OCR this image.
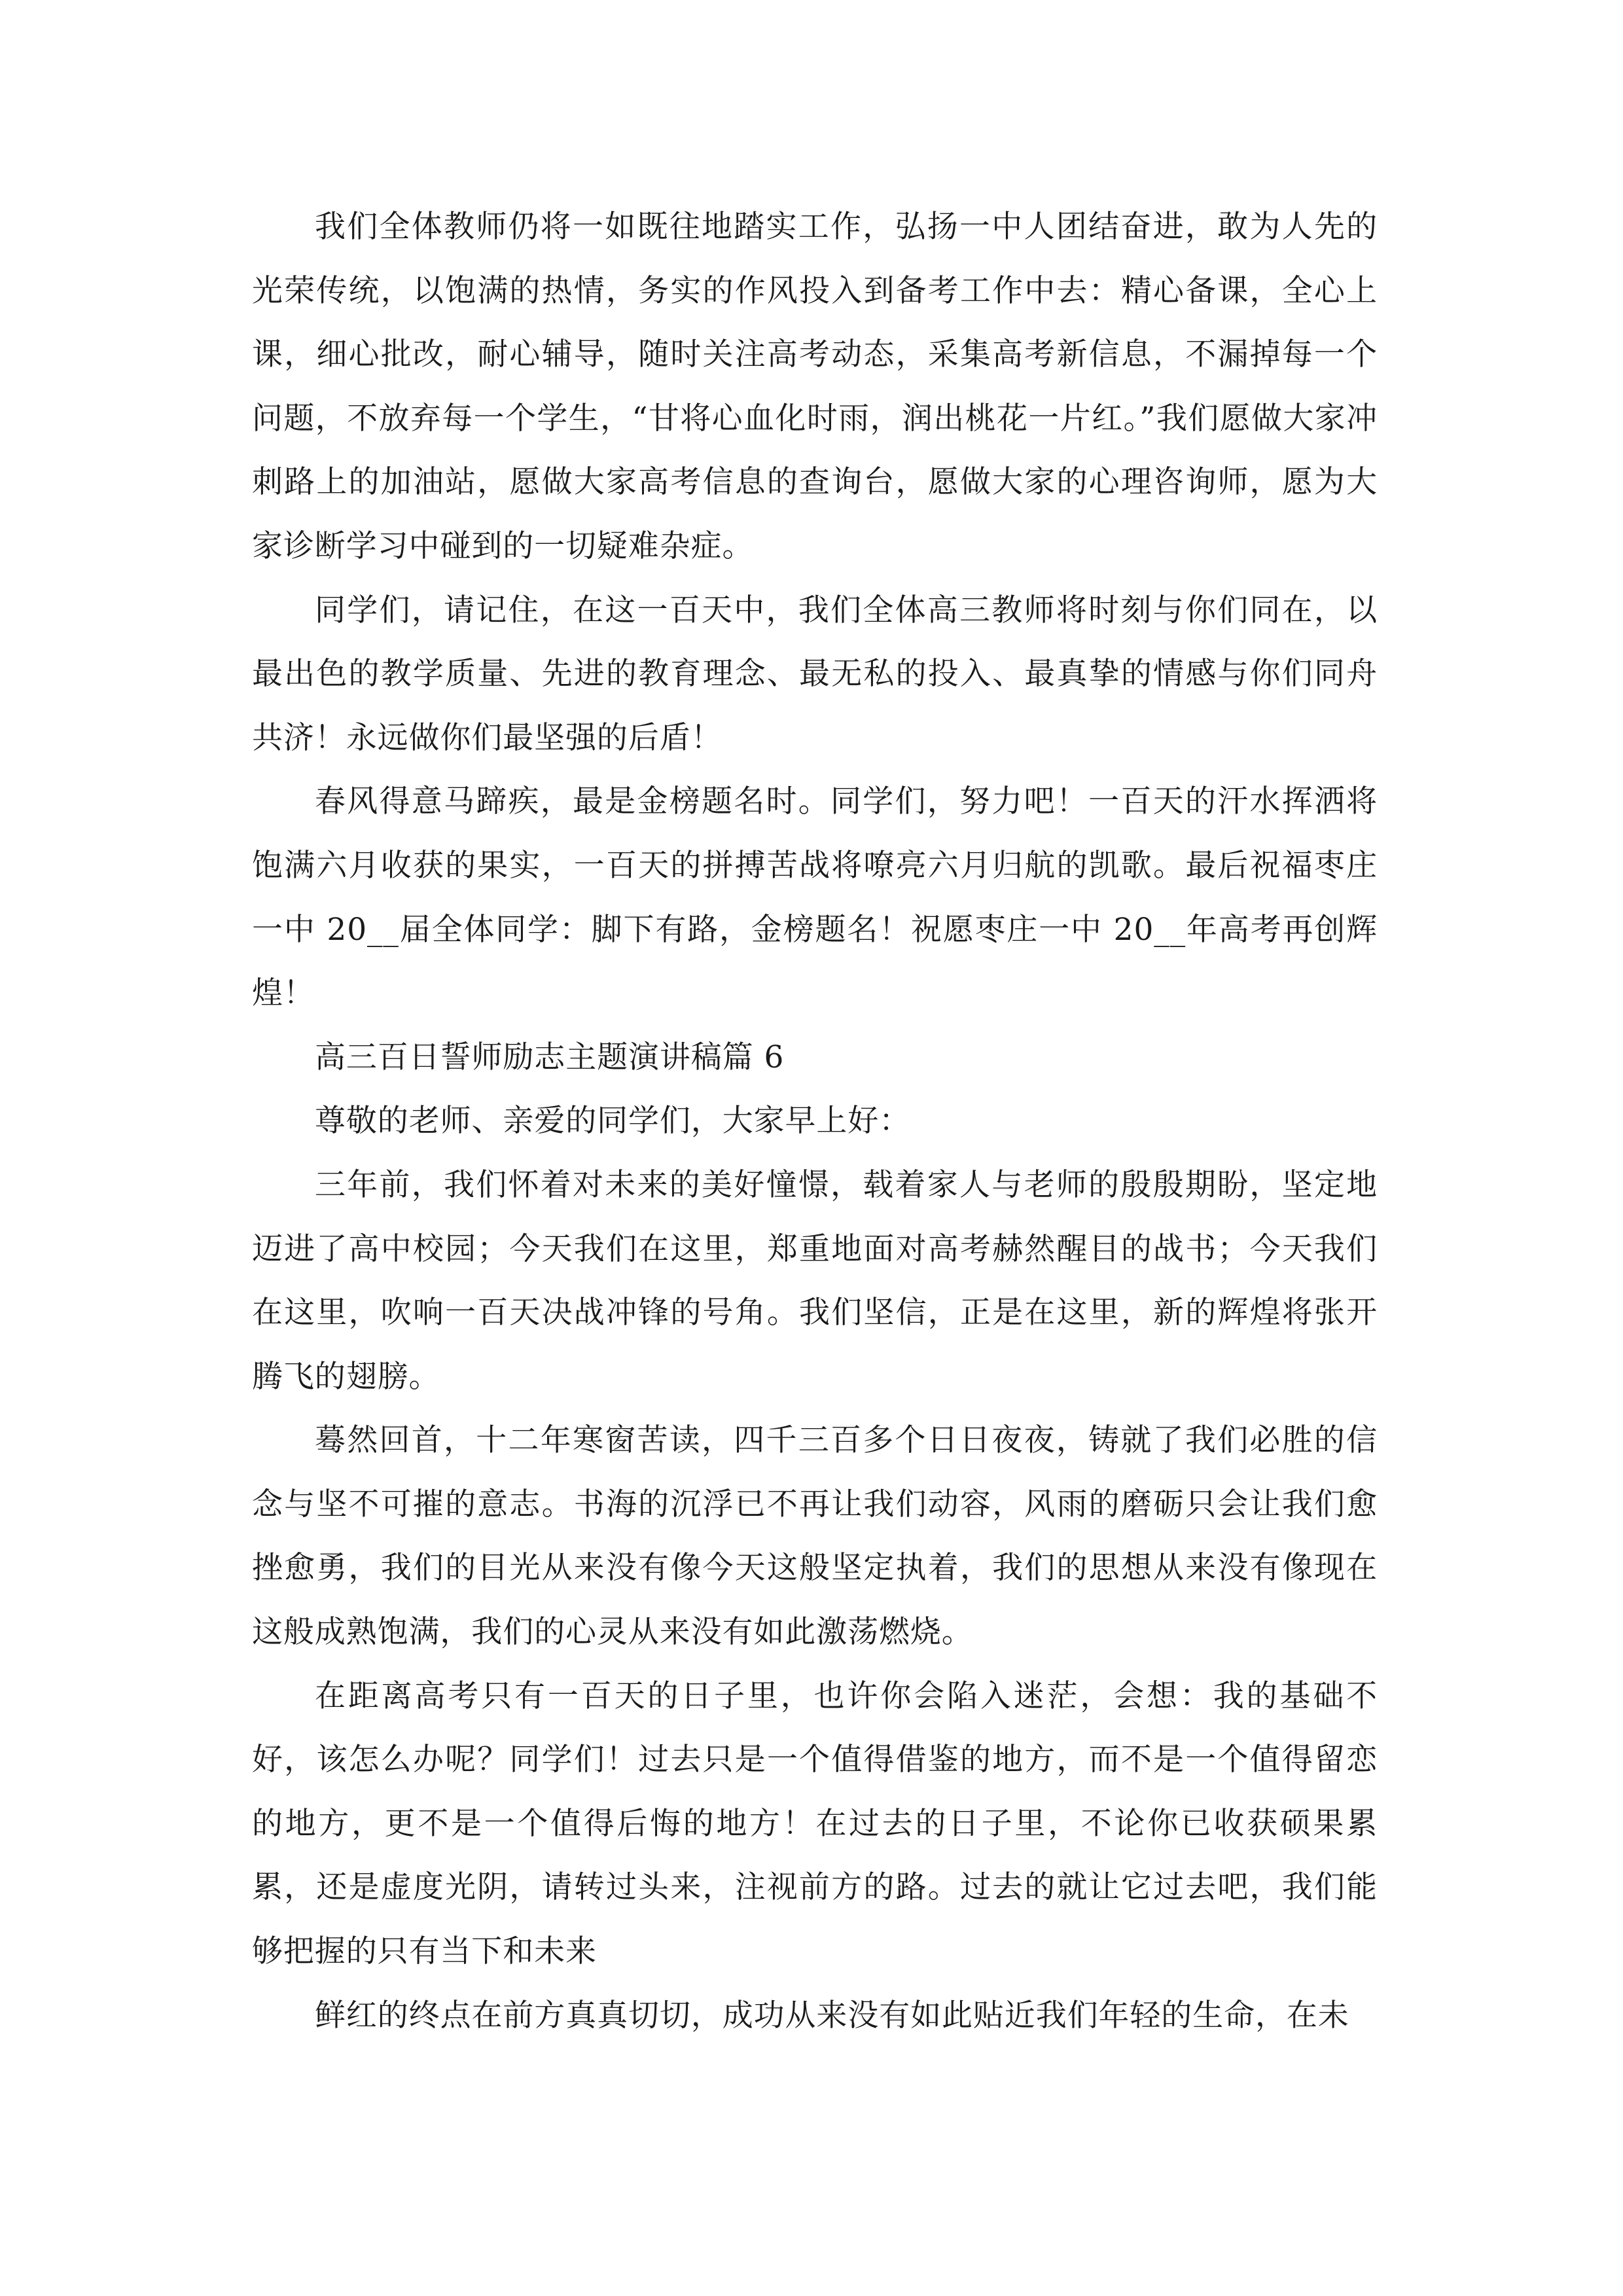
我们全体教师仍将一如既往地踏实工作，弘扬一中人团结奋进，敢为人先的光荣传统，以饱满的热情，务实的作风投入到备考工作中去：精心备课，全心上课，细心批改，耐心辅导，随时关注高考动态，采集高考新信息，不漏掉每一个问题，不放弃每一个学生，“甘将心血化时雨，润出桃花一片红。”我们愿做大家冲刺路上的加油站，愿做大家高考信息的查询台，愿做大家的心理咨询师，愿为大家诊断学习中碰到的一切疑难杂症。

同学们，请记住，在这一百天中，我们全体高三教师将时刻与你们同在，以最出色的教学质量、先进的教育理念、最无私的投入、最真挚的情感与你们同舟共济！永远做你们最坚强的后盾！

春风得意马蹄疾，最是金榜题名时。同学们，努力吧！一百天的汗水挥洒将饱满六月收获的果实，一百天的拼搏苦战将嘹亮六月归航的凯歌。最后祝福枣庄一中 20__届全体同学：脚下有路，金榜题名！祝愿枣庄一中 20__年高考再创辉煌！

高三百日誓师励志主题演讲稿篇 6

尊敬的老师、亲爱的同学们，大家早上好：

三年前，我们怀着对未来的美好憧憬，载着家人与老师的殷殷期盼，坚定地迈进了高中校园；今天我们在这里，郑重地面对高考赫然醒目的战书；今天我们在这里，吹响一百天决战冲锋的号角。我们坚信，正是在这里，新的辉煌将张开腾飞的翅膀。

蓦然回首，十二年寒窗苦读，四千三百多个日日夜夜，铸就了我们必胜的信念与坚不可摧的意志。书海的沉浮已不再让我们动容，风雨的磨砺只会让我们愈挫愈勇，我们的目光从来没有像今天这般坚定执着，我们的思想从来没有像现在这般成熟饱满，我们的心灵从来没有如此激荡燃烧。

在距离高考只有一百天的日子里，也许你会陷入迷茫，会想：我的基础不好，该怎么办呢？同学们！过去只是一个值得借鉴的地方，而不是一个值得留恋的地方，更不是一个值得后悔的地方！在过去的日子里，不论你已收获硕果累累，还是虚度光阴，请转过头来，注视前方的路。过去的就让它过去吧，我们能够把握的只有当下和未来

鲜红的终点在前方真真切切，成功从来没有如此贴近我们年轻的生命，在未
